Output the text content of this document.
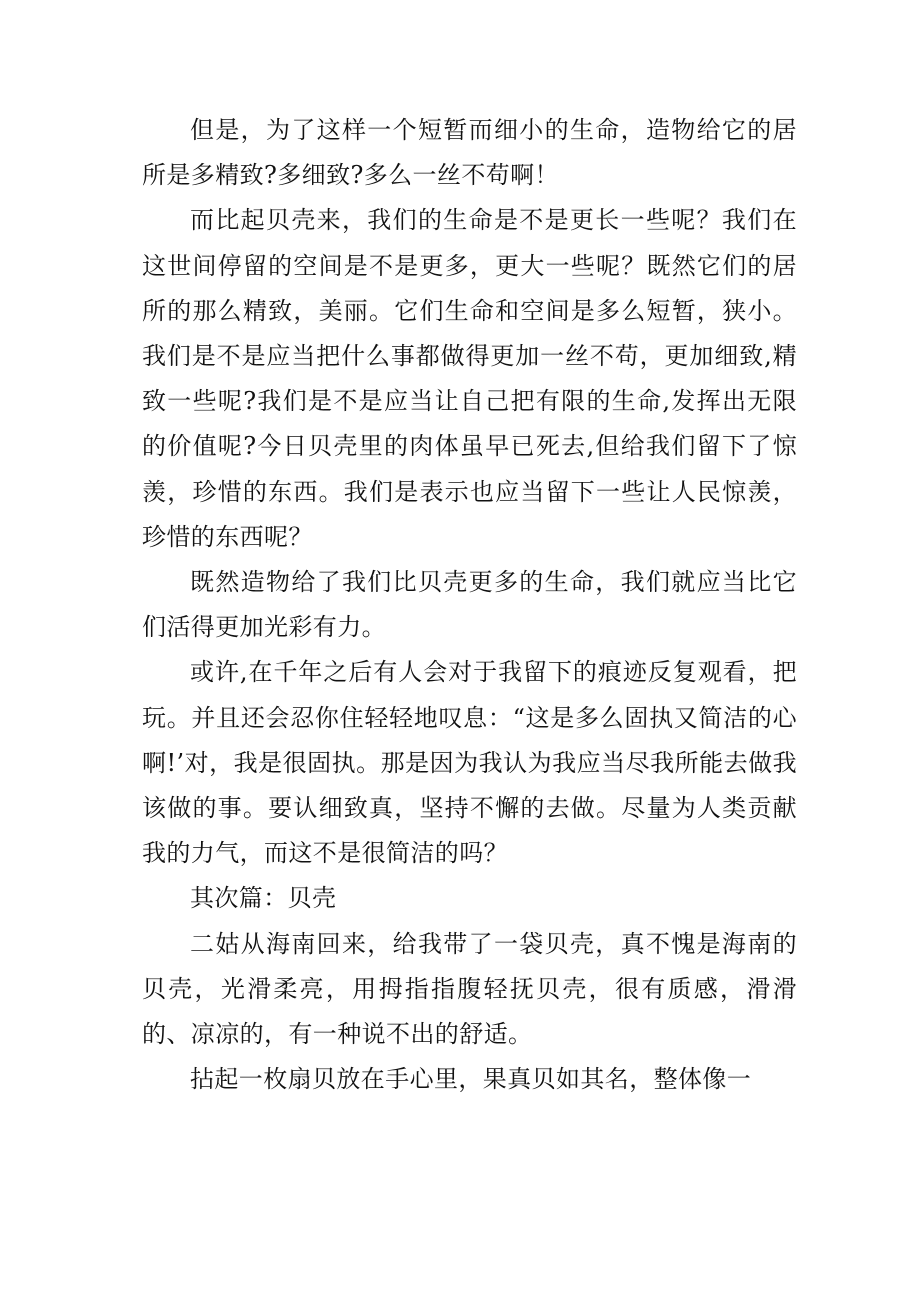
但是，为了这样一个短暂而细小的生命，造物给它的居所是多精致?多细致?多么一丝不苟啊！

而比起贝壳来，我们的生命是不是更长一些呢？我们在这世间停留的空间是不是更多，更大一些呢？既然它们的居所的那么精致，美丽。它们生命和空间是多么短暂，狭小。我们是不是应当把什么事都做得更加一丝不苟，更加细致,精致一些呢?我们是不是应当让自己把有限的生命,发挥出无限的价值呢?今日贝壳里的肉体虽早已死去,但给我们留下了惊羡，珍惜的东西。我们是表示也应当留下一些让人民惊羡，珍惜的东西呢？

既然造物给了我们比贝壳更多的生命，我们就应当比它们活得更加光彩有力。

或许,在千年之后有人会对于我留下的痕迹反复观看，把玩。并且还会忍你住轻轻地叹息：“这是多么固执又简洁的心啊!’对，我是很固执。那是因为我认为我应当尽我所能去做我该做的事。要认细致真，坚持不懈的去做。尽量为人类贡献我的力气，而这不是很简洁的吗？

其次篇：贝壳

二姑从海南回来，给我带了一袋贝壳，真不愧是海南的贝壳，光滑柔亮，用拇指指腹轻抚贝壳，很有质感，滑滑的、凉凉的，有一种说不出的舒适。

拈起一枚扇贝放在手心里，果真贝如其名，整体像一
